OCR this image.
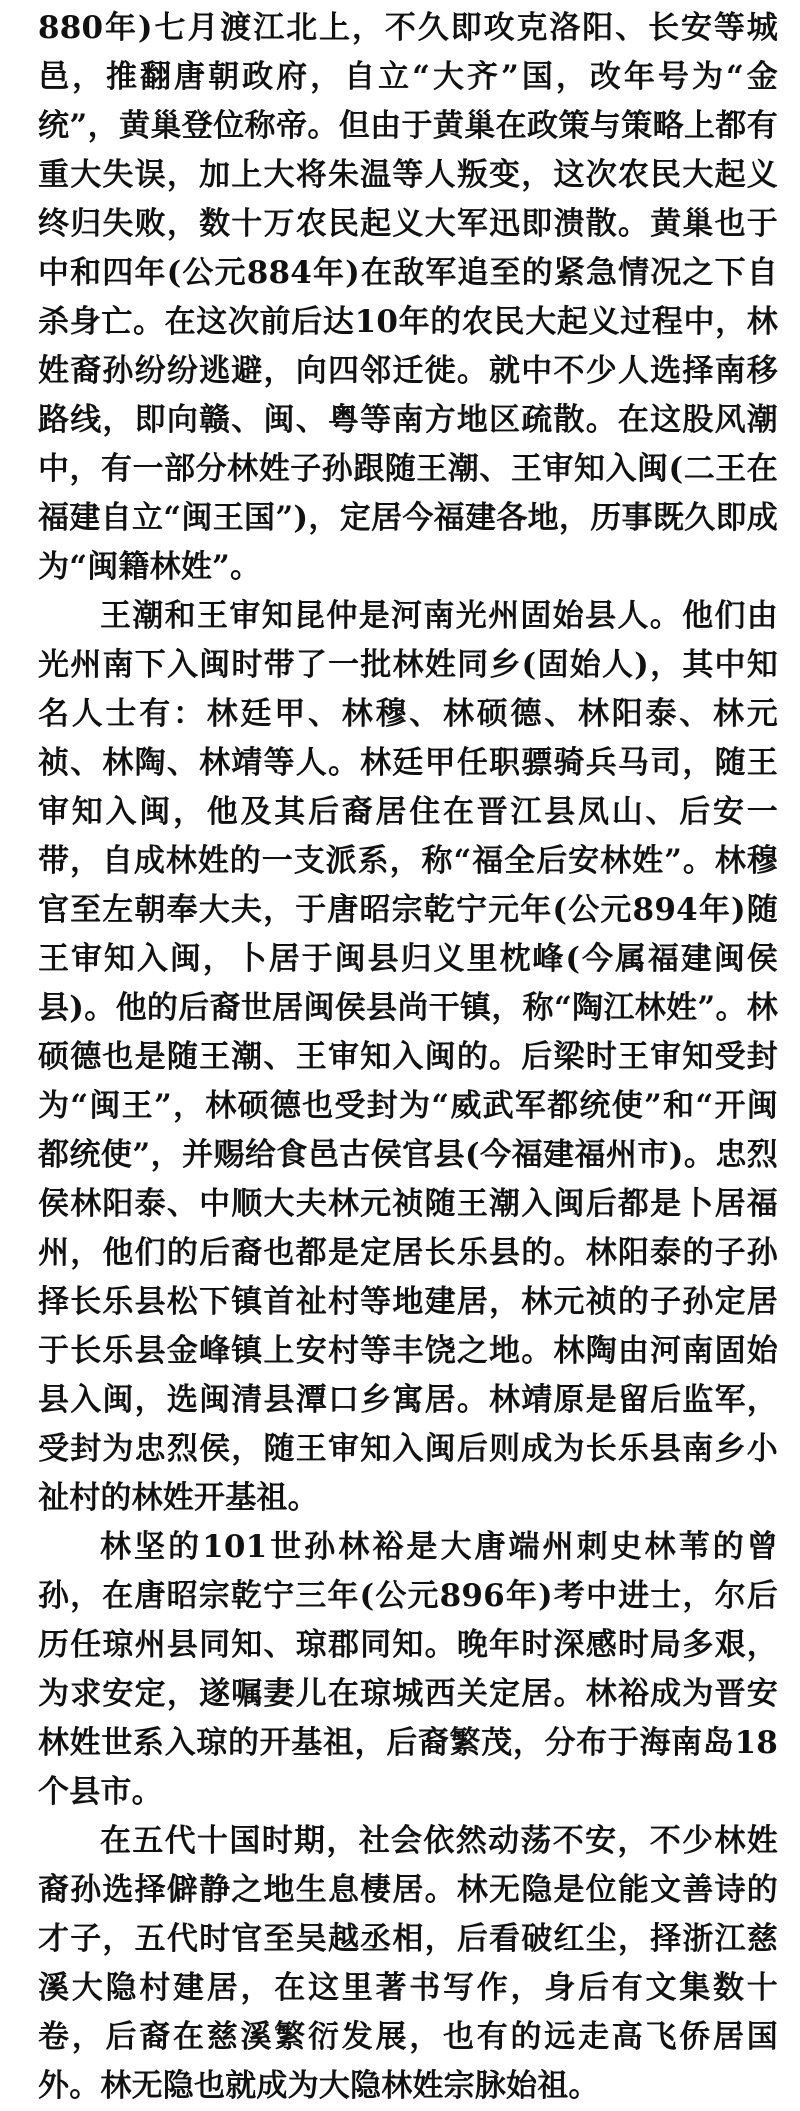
880年)七月渡江北上，不久即攻克洛阳、长安等城邑，推翻唐朝政府，自立“大齐”国，改年号为“金统”，黄巢登位称帝。但由于黄巢在政策与策略上都有重大失误，加上大将朱温等人叛变，这次农民大起义终归失败，数十万农民起义大军迅即溃散。黄巢也于中和四年(公元884年)在敌军追至的紧急情况之下自杀身亡。在这次前后达10年的农民大起义过程中，林姓裔孙纷纷逃避，向四邻迁徙。就中不少人选择南移路线，即向赣、闽、粤等南方地区疏散。在这股风潮中，有一部分林姓子孙跟随王潮、王审知入闽(二王在福建自立“闽王国”)，定居今福建各地，历事既久即成为“闽籍林姓”。

王潮和王审知昆仲是河南光州固始县人。他们由光州南下入闽时带了一批林姓同乡(固始人)，其中知名人士有：林廷甲、林穆、林硕德、林阳泰、林元祯、林陶、林靖等人。林廷甲任职骠骑兵马司，随王审知入闽，他及其后裔居住在晋江县凤山、后安一带，自成林姓的一支派系，称“福全后安林姓”。林穆官至左朝奉大夫，于唐昭宗乾宁元年(公元894年)随王审知入闽，卜居于闽县归义里枕峰(今属福建闽侯县)。他的后裔世居闽侯县尚干镇，称“陶江林姓”。林硕德也是随王潮、王审知入闽的。后梁时王审知受封为“闽王”，林硕德也受封为“威武军都统使”和“开闽都统使”，并赐给食邑古侯官县(今福建福州市)。忠烈侯林阳泰、中顺大夫林元祯随王潮入闽后都是卜居福州，他们的后裔也都是定居长乐县的。林阳泰的子孙择长乐县松下镇首祉村等地建居，林元祯的子孙定居于长乐县金峰镇上安村等丰饶之地。林陶由河南固始县入闽，选闽清县潭口乡寓居。林靖原是留后监军，受封为忠烈侯，随王审知入闽后则成为长乐县南乡小祉村的林姓开基祖。

林坚的101世孙林裕是大唐端州刺史林苇的曾孙，在唐昭宗乾宁三年(公元896年)考中进士，尔后历任琼州县同知、琼郡同知。晚年时深感时局多艰，为求安定，遂嘱妻儿在琼城西关定居。林裕成为晋安林姓世系入琼的开基祖，后裔繁茂，分布于海南岛18个县市。

在五代十国时期，社会依然动荡不安，不少林姓裔孙选择僻静之地生息棲居。林无隐是位能文善诗的才子，五代时官至吴越丞相，后看破红尘，择浙江慈溪大隐村建居，在这里著书写作，身后有文集数十卷，后裔在慈溪繁衍发展，也有的远走高飞侨居国外。林无隐也就成为大隐林姓宗脉始祖。
